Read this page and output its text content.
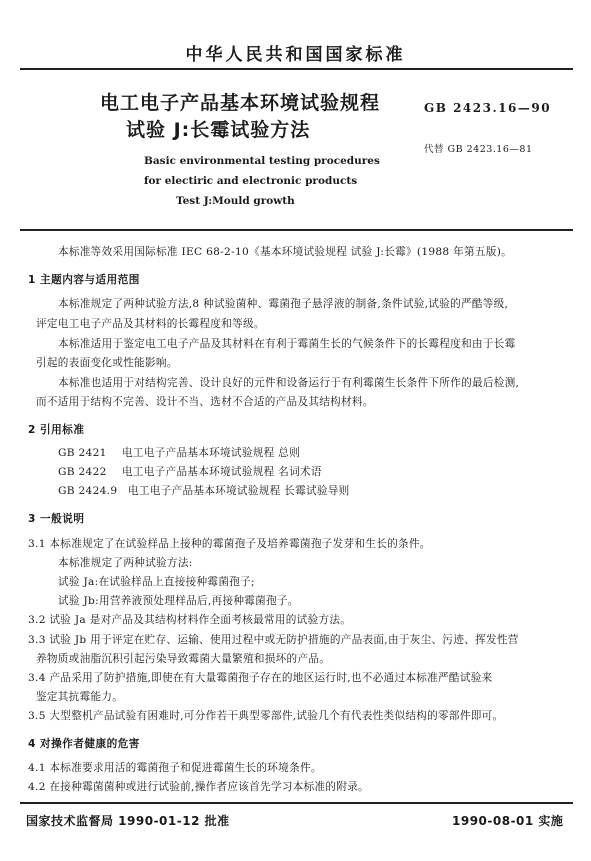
中华人民共和国国家标准
电工电子产品基本环境试验规程
试验 J:长霉试验方法
GB 2423.16—90
代替 GB 2423.16—81
Basic environmental testing procedures
for electiric and electronic products
Test J:Mould growth
本标准等效采用国际标准 IEC 68-2-10《基本环境试验规程 试验 J:长霉》(1988 年第五版)。
1 主题内容与适用范围
本标准规定了两种试验方法,8 种试验菌种、霉菌孢子悬浮液的制备,条件试验,试验的严酷等级,
评定电工电子产品及其材料的长霉程度和等级。
本标准适用于鉴定电工电子产品及其材料在有利于霉菌生长的气候条件下的长霉程度和由于长霉
引起的表面变化或性能影响。
本标准也适用于对结构完善、设计良好的元件和设备运行于有利霉菌生长条件下所作的最后检测,
而不适用于结构不完善、设计不当、选材不合适的产品及其结构材料。
2 引用标准
GB 2421 电工电子产品基本环境试验规程 总则
GB 2422 电工电子产品基本环境试验规程 名词术语
GB 2424.9 电工电子产品基本环境试验规程 长霉试验导则
3 一般说明
3.1 本标准规定了在试验样品上接种的霉菌孢子及培养霉菌孢子发芽和生长的条件。
本标准规定了两种试验方法:
试验 Ja:在试验样品上直接接种霉菌孢子;
试验 Jb:用营养液预处理样品后,再接种霉菌孢子。
3.2 试验 Ja 是对产品及其结构材料作全面考核最常用的试验方法。
3.3 试验 Jb 用于评定在贮存、运输、使用过程中或无防护措施的产品表面,由于灰尘、污迹、挥发性营
养物质或油脂沉积引起污染导致霉菌大量繁殖和损坏的产品。
3.4 产品采用了防护措施,即使在有大量霉菌孢子存在的地区运行时,也不必通过本标准严酷试验来
鉴定其抗霉能力。
3.5 大型整机产品试验有困难时,可分作若干典型零部件,试验几个有代表性类似结构的零部件即可。
4 对操作者健康的危害
4.1 本标准要求用活的霉菌孢子和促进霉菌生长的环境条件。
4.2 在接种霉菌菌种或进行试验前,操作者应该首先学习本标准的附录。
国家技术监督局 1990-01-12 批准	1990-08-01 实施
